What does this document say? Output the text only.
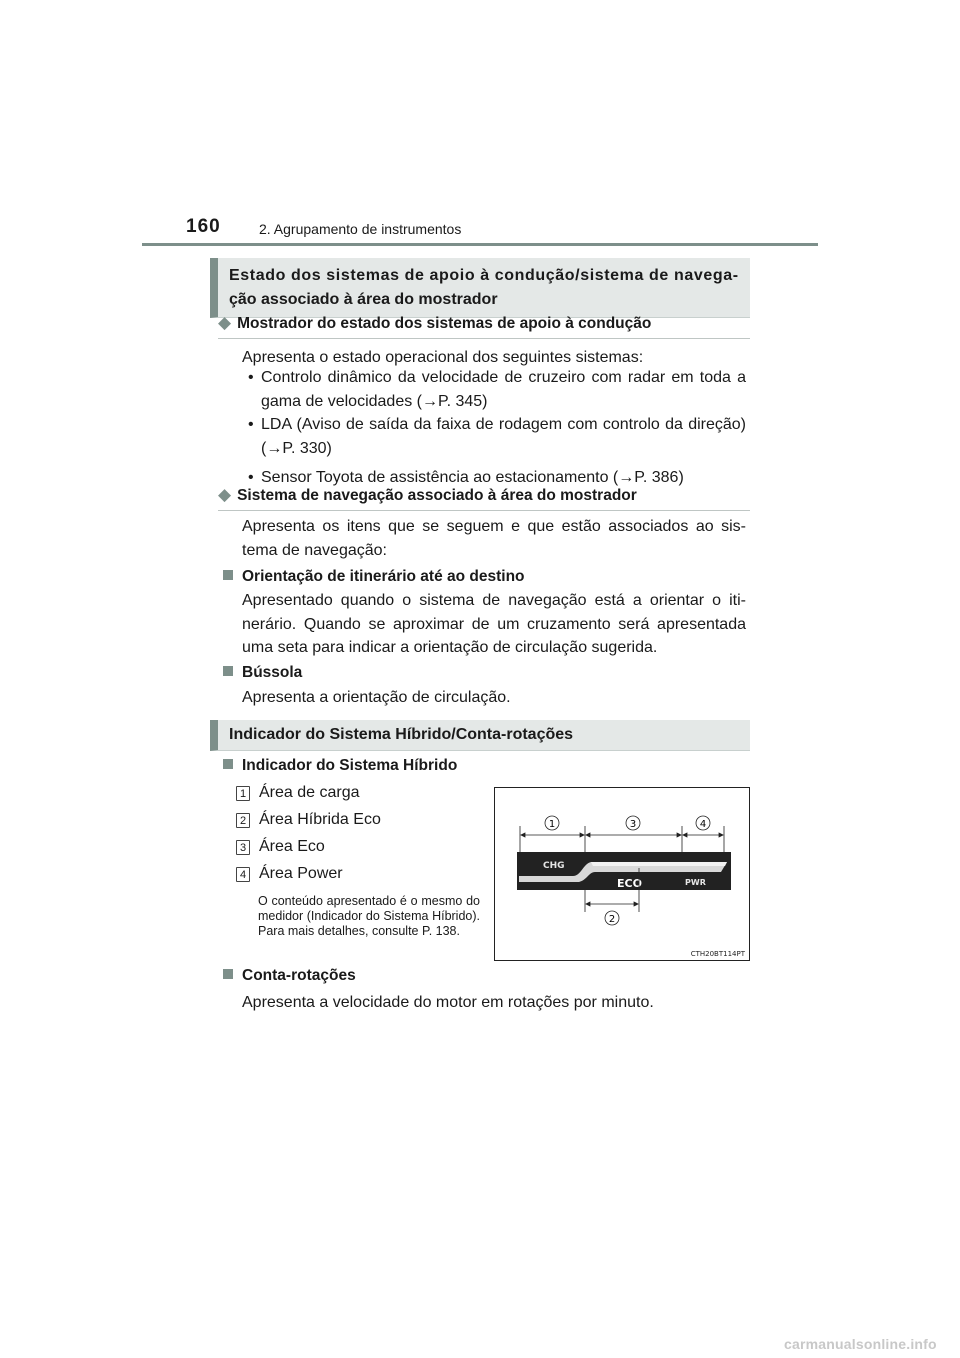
160	2. Agrupamento de instrumentos
Estado dos sistemas de apoio à condução/sistema de navega-
ção associado à área do mostrador
◆ Mostrador do estado dos sistemas de apoio à condução
Apresenta o estado operacional dos seguintes sistemas:
• Controlo dinâmico da velocidade de cruzeiro com radar em toda a gama de velocidades (→P. 345)
• LDA (Aviso de saída da faixa de rodagem com controlo da direção) (→P. 330)
• Sensor Toyota de assistência ao estacionamento (→P. 386)
◆ Sistema de navegação associado à área do mostrador
Apresenta os itens que se seguem e que estão associados ao sis- tema de navegação:
Orientação de itinerário até ao destino
Apresentado quando o sistema de navegação está a orientar o iti- nerário. Quando se aproximar de um cruzamento será apresentada uma seta para indicar a orientação de circulação sugerida.
Bússola
Apresenta a orientação de circulação.
Indicador do Sistema Híbrido/Conta-rotações
Indicador do Sistema Híbrido
1 Área de carga
2 Área Híbrida Eco
3 Área Eco
4 Área Power
O conteúdo apresentado é o mesmo do medidor (Indicador do Sistema Híbrido). Para mais detalhes, consulte P. 138.
CHG
ECO	PWR
1	3	4
2
CTH20BT114PT
Conta-rotações
Apresenta a velocidade do motor em rotações por minuto.
carmanualsonline.info
